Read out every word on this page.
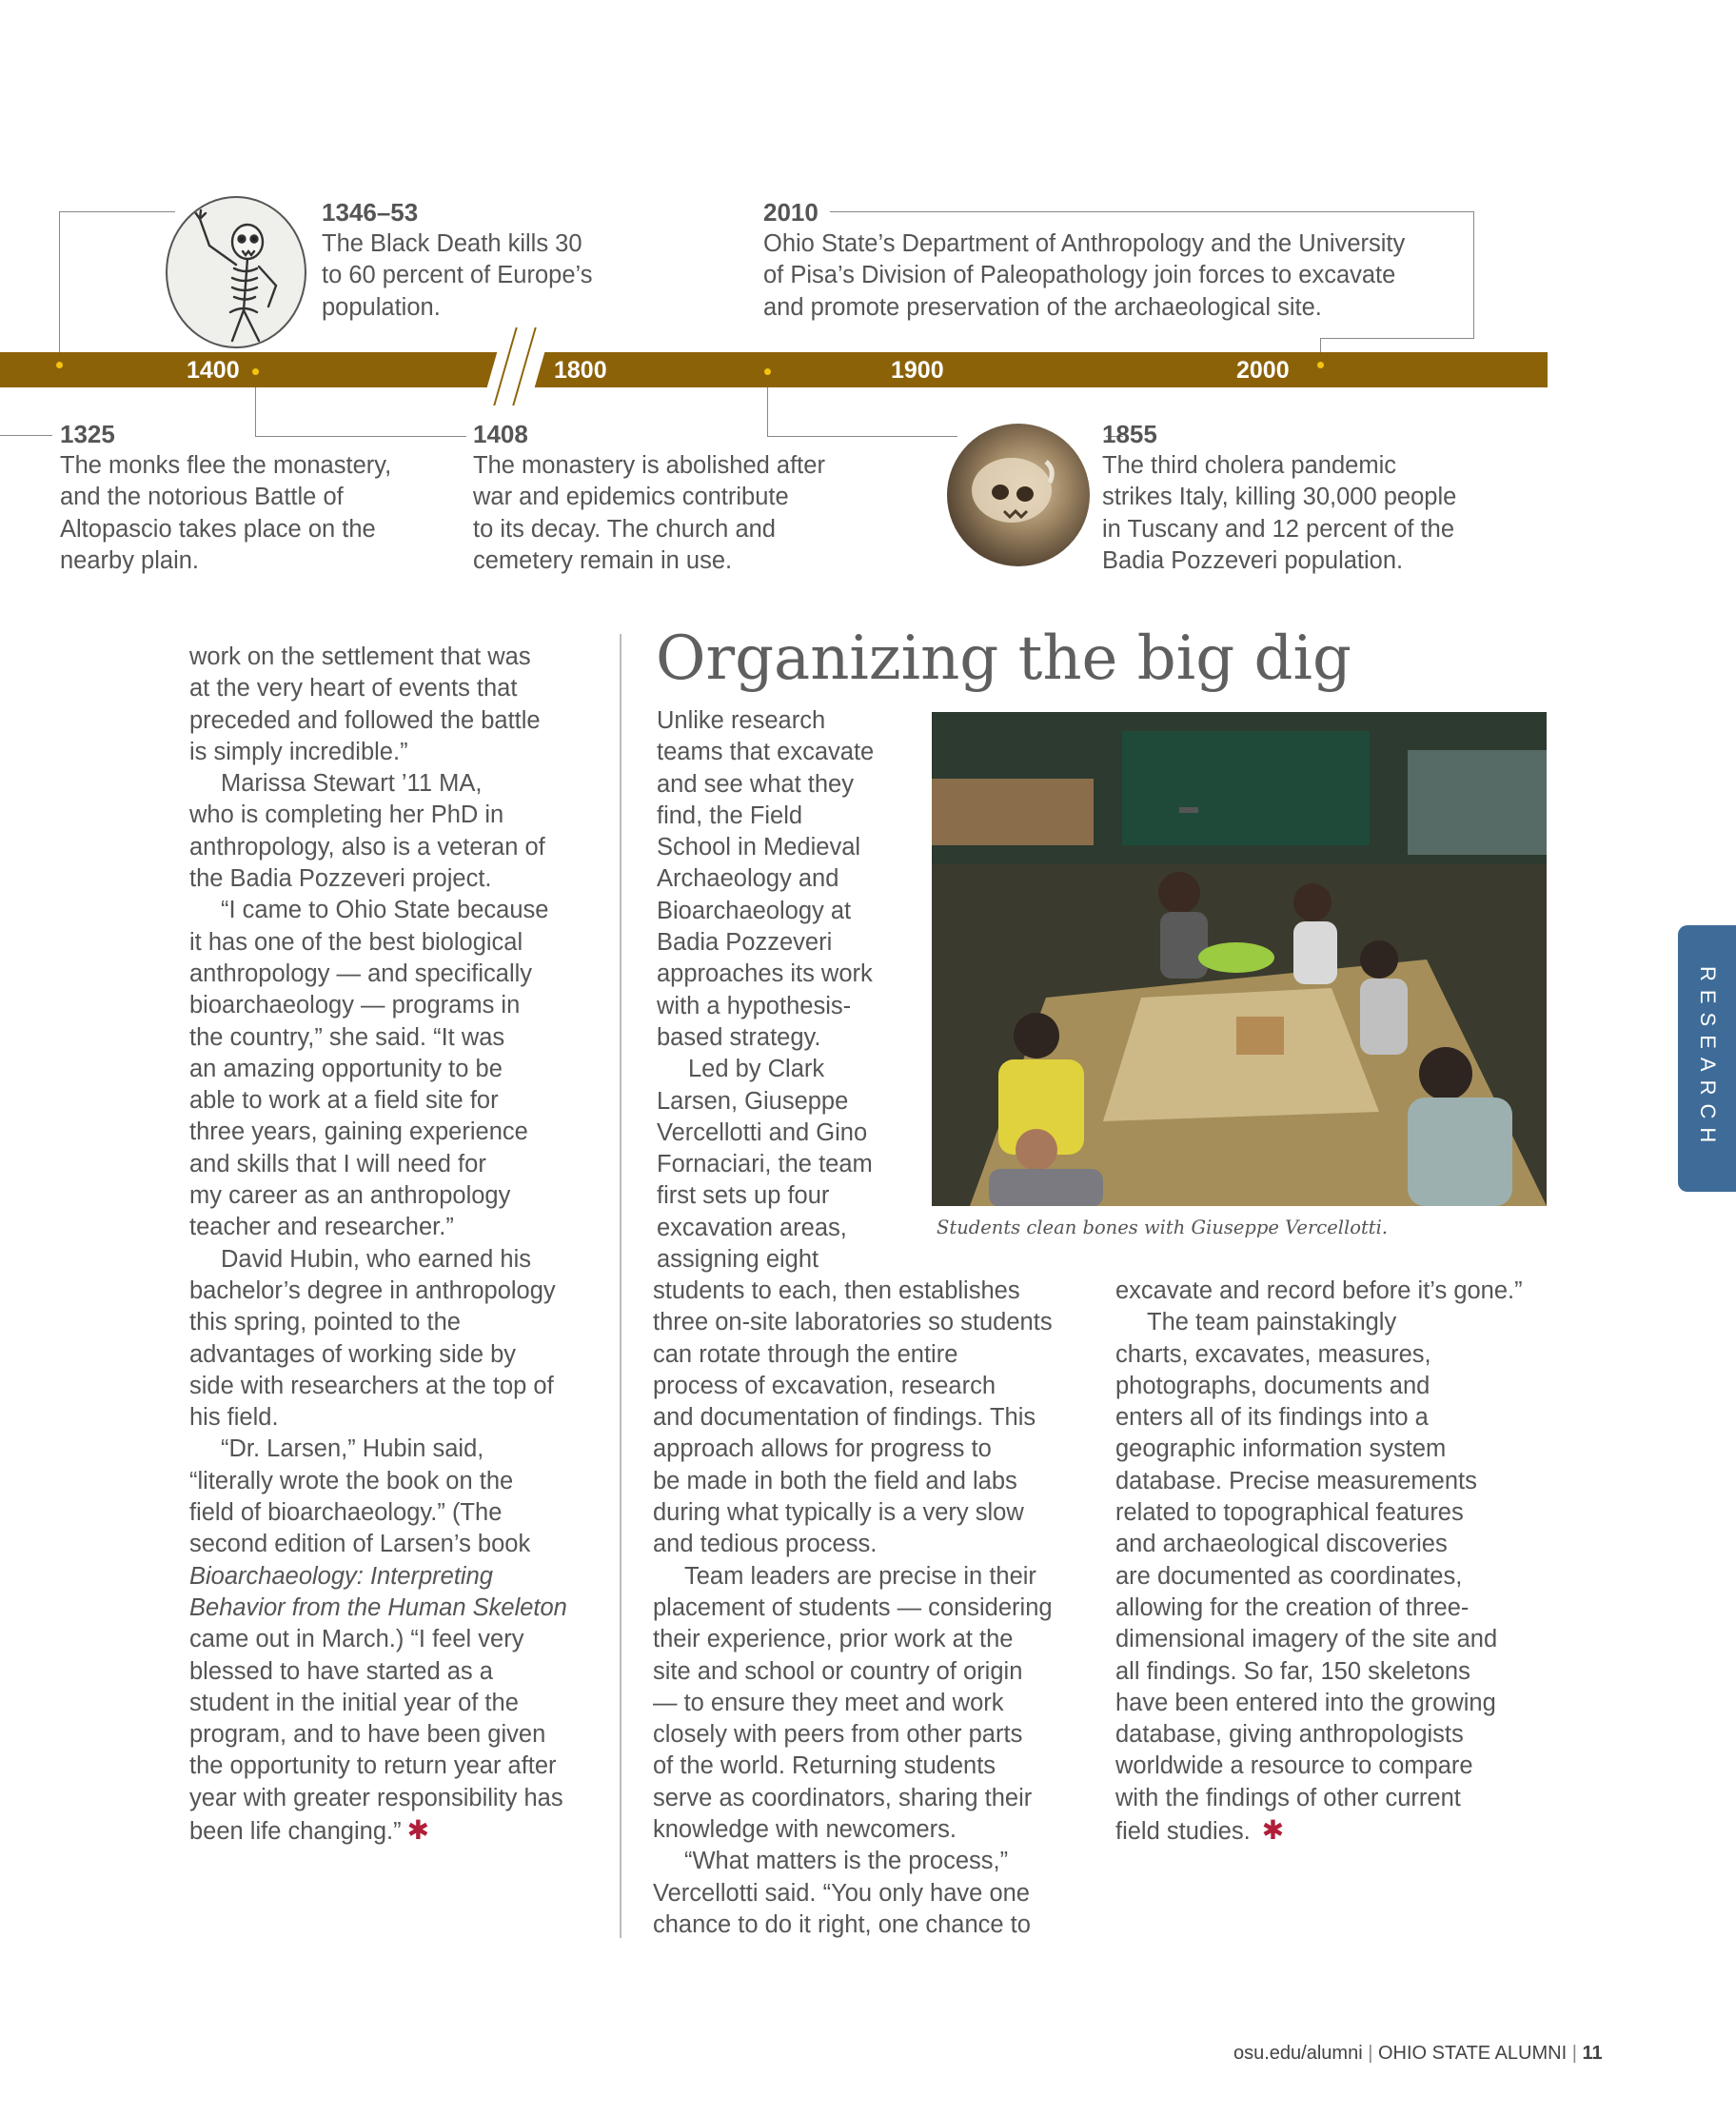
1400	1800	1900	2000
1346–53
The Black Death kills 30
to 60 percent of Europe’s
population.
2010
Ohio State’s Department of Anthropology and the University
of Pisa’s Division of Paleopathology join forces to excavate
and promote preservation of the archaeological site.
1325
The monks flee the monastery,
and the notorious Battle of
Altopascio takes place on the
nearby plain.
1408
The monastery is abolished after
war and epidemics contribute
to its decay. The church and
cemetery remain in use.
1855
The third cholera pandemic
strikes Italy, killing 30,000 people
in Tuscany and 12 percent of the
Badia Pozzeveri population.
work on the settlement that was
at the very heart of events that
preceded and followed the battle
is simply incredible.”
Marissa Stewart ’11 MA,
who is completing her PhD in
anthropology, also is a veteran of
the Badia Pozzeveri project.
“I came to Ohio State because
it has one of the best biological
anthropology — and specifically
bioarchaeology — programs in
the country,” she said. “It was
an amazing opportunity to be
able to work at a field site for
three years, gaining experience
and skills that I will need for
my career as an anthropology
teacher and researcher.”
David Hubin, who earned his
bachelor’s degree in anthropology
this spring, pointed to the
advantages of working side by
side with researchers at the top of
his field.
“Dr. Larsen,” Hubin said,
“literally wrote the book on the
field of bioarchaeology.” (The
second edition of Larsen’s book
Bioarchaeology: Interpreting
Behavior from the Human Skeleton
came out in March.) “I feel very
blessed to have started as a
student in the initial year of the
program, and to have been given
the opportunity to return year after
year with greater responsibility has
been life changing.” ✱
Organizing the big dig
Unlike research
teams that excavate
and see what they
find, the Field
School in Medieval
Archaeology and
Bioarchaeology at
Badia Pozzeveri
approaches its work
with a hypothesis-
based strategy.
Led by Clark
Larsen, Giuseppe
Vercellotti and Gino
Fornaciari, the team
first sets up four
excavation areas,
assigning eight
Students clean bones with Giuseppe Vercellotti.
students to each, then establishes
three on-site laboratories so students
can rotate through the entire
process of excavation, research
and documentation of findings. This
approach allows for progress to
be made in both the field and labs
during what typically is a very slow
and tedious process.
Team leaders are precise in their
placement of students — considering
their experience, prior work at the
site and school or country of origin
— to ensure they meet and work
closely with peers from other parts
of the world. Returning students
serve as coordinators, sharing their
knowledge with newcomers.
“What matters is the process,”
Vercellotti said. “You only have one
chance to do it right, one chance to
excavate and record before it’s gone.”
The team painstakingly
charts, excavates, measures,
photographs, documents and
enters all of its findings into a
geographic information system
database. Precise measurements
related to topographical features
and archaeological discoveries
are documented as coordinates,
allowing for the creation of three-
dimensional imagery of the site and
all findings. So far, 150 skeletons
have been entered into the growing
database, giving anthropologists
worldwide a resource to compare
with the findings of other current
field studies. ✱
RESEARCH
osu.edu/alumni | OHIO STATE ALUMNI | 11
